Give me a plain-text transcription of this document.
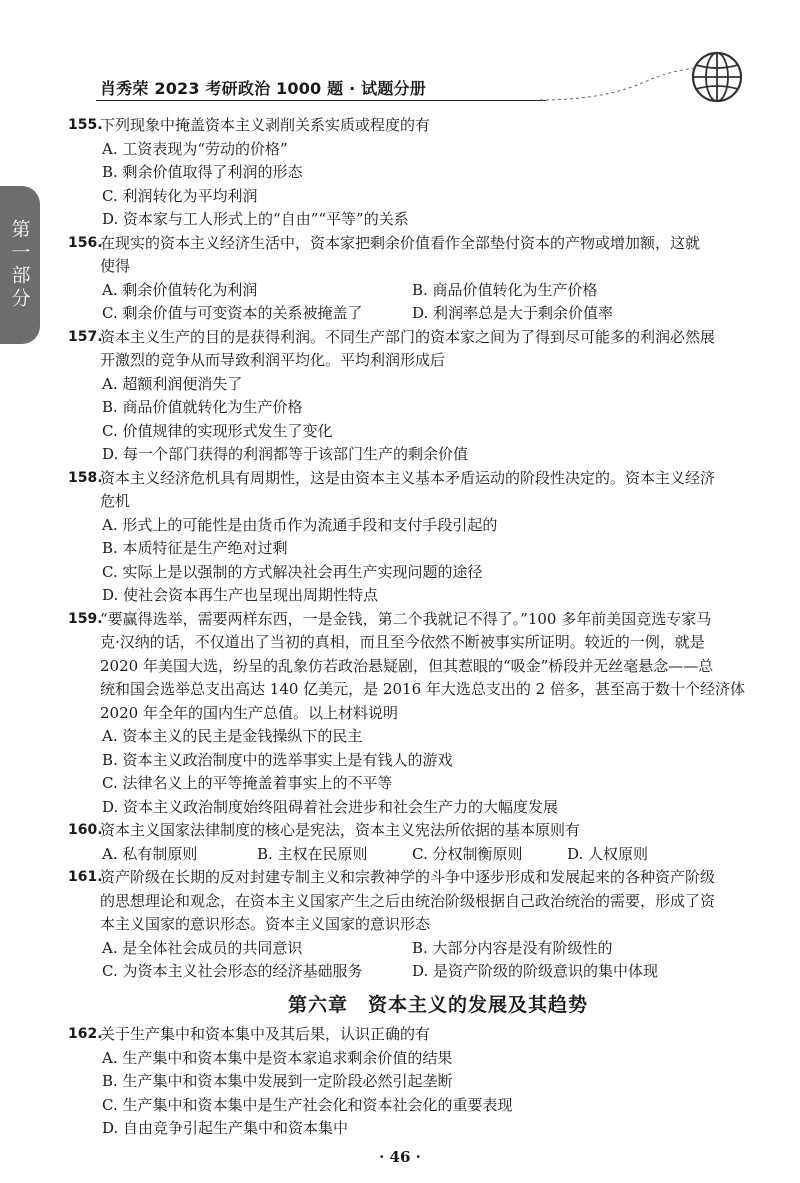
肖秀荣 2023 考研政治 1000 题 · 试题分册
第一部分
155.
下列现象中掩盖资本主义剥削关系实质或程度的有
A. 工资表现为“劳动的价格”
B. 剩余价值取得了利润的形态
C. 利润转化为平均利润
D. 资本家与工人形式上的“自由”“平等”的关系
156.
在现实的资本主义经济生活中，资本家把剩余价值看作全部垫付资本的产物或增加额，这就
使得
A. 剩余价值转化为利润	B. 商品价值转化为生产价格
C. 剩余价值与可变资本的关系被掩盖了	D. 利润率总是大于剩余价值率
157.
资本主义生产的目的是获得利润。不同生产部门的资本家之间为了得到尽可能多的利润必然展
开激烈的竞争从而导致利润平均化。平均利润形成后
A. 超额利润便消失了
B. 商品价值就转化为生产价格
C. 价值规律的实现形式发生了变化
D. 每一个部门获得的利润都等于该部门生产的剩余价值
158.
资本主义经济危机具有周期性，这是由资本主义基本矛盾运动的阶段性决定的。资本主义经济
危机
A. 形式上的可能性是由货币作为流通手段和支付手段引起的
B. 本质特征是生产绝对过剩
C. 实际上是以强制的方式解决社会再生产实现问题的途径
D. 使社会资本再生产也呈现出周期性特点
159.
“要赢得选举，需要两样东西，一是金钱，第二个我就记不得了。”100 多年前美国竞选专家马
克·汉纳的话，不仅道出了当初的真相，而且至今依然不断被事实所证明。较近的一例，就是
2020 年美国大选，纷呈的乱象仿若政治悬疑剧，但其惹眼的“吸金”桥段并无丝毫悬念——总
统和国会选举总支出高达 140 亿美元，是 2016 年大选总支出的 2 倍多，甚至高于数十个经济体
2020 年全年的国内生产总值。以上材料说明
A. 资本主义的民主是金钱操纵下的民主
B. 资本主义政治制度中的选举事实上是有钱人的游戏
C. 法律名义上的平等掩盖着事实上的不平等
D. 资本主义政治制度始终阻碍着社会进步和社会生产力的大幅度发展
160.
资本主义国家法律制度的核心是宪法，资本主义宪法所依据的基本原则有
A. 私有制原则	B. 主权在民原则	C. 分权制衡原则	D. 人权原则
161.
资产阶级在长期的反对封建专制主义和宗教神学的斗争中逐步形成和发展起来的各种资产阶级
的思想理论和观念，在资本主义国家产生之后由统治阶级根据自己政治统治的需要，形成了资
本主义国家的意识形态。资本主义国家的意识形态
A. 是全体社会成员的共同意识	B. 大部分内容是没有阶级性的
C. 为资本主义社会形态的经济基础服务	D. 是资产阶级的阶级意识的集中体现
第六章　资本主义的发展及其趋势
162.
关于生产集中和资本集中及其后果，认识正确的有
A. 生产集中和资本集中是资本家追求剩余价值的结果
B. 生产集中和资本集中发展到一定阶段必然引起垄断
C. 生产集中和资本集中是生产社会化和资本社会化的重要表现
D. 自由竞争引起生产集中和资本集中
· 46 ·
